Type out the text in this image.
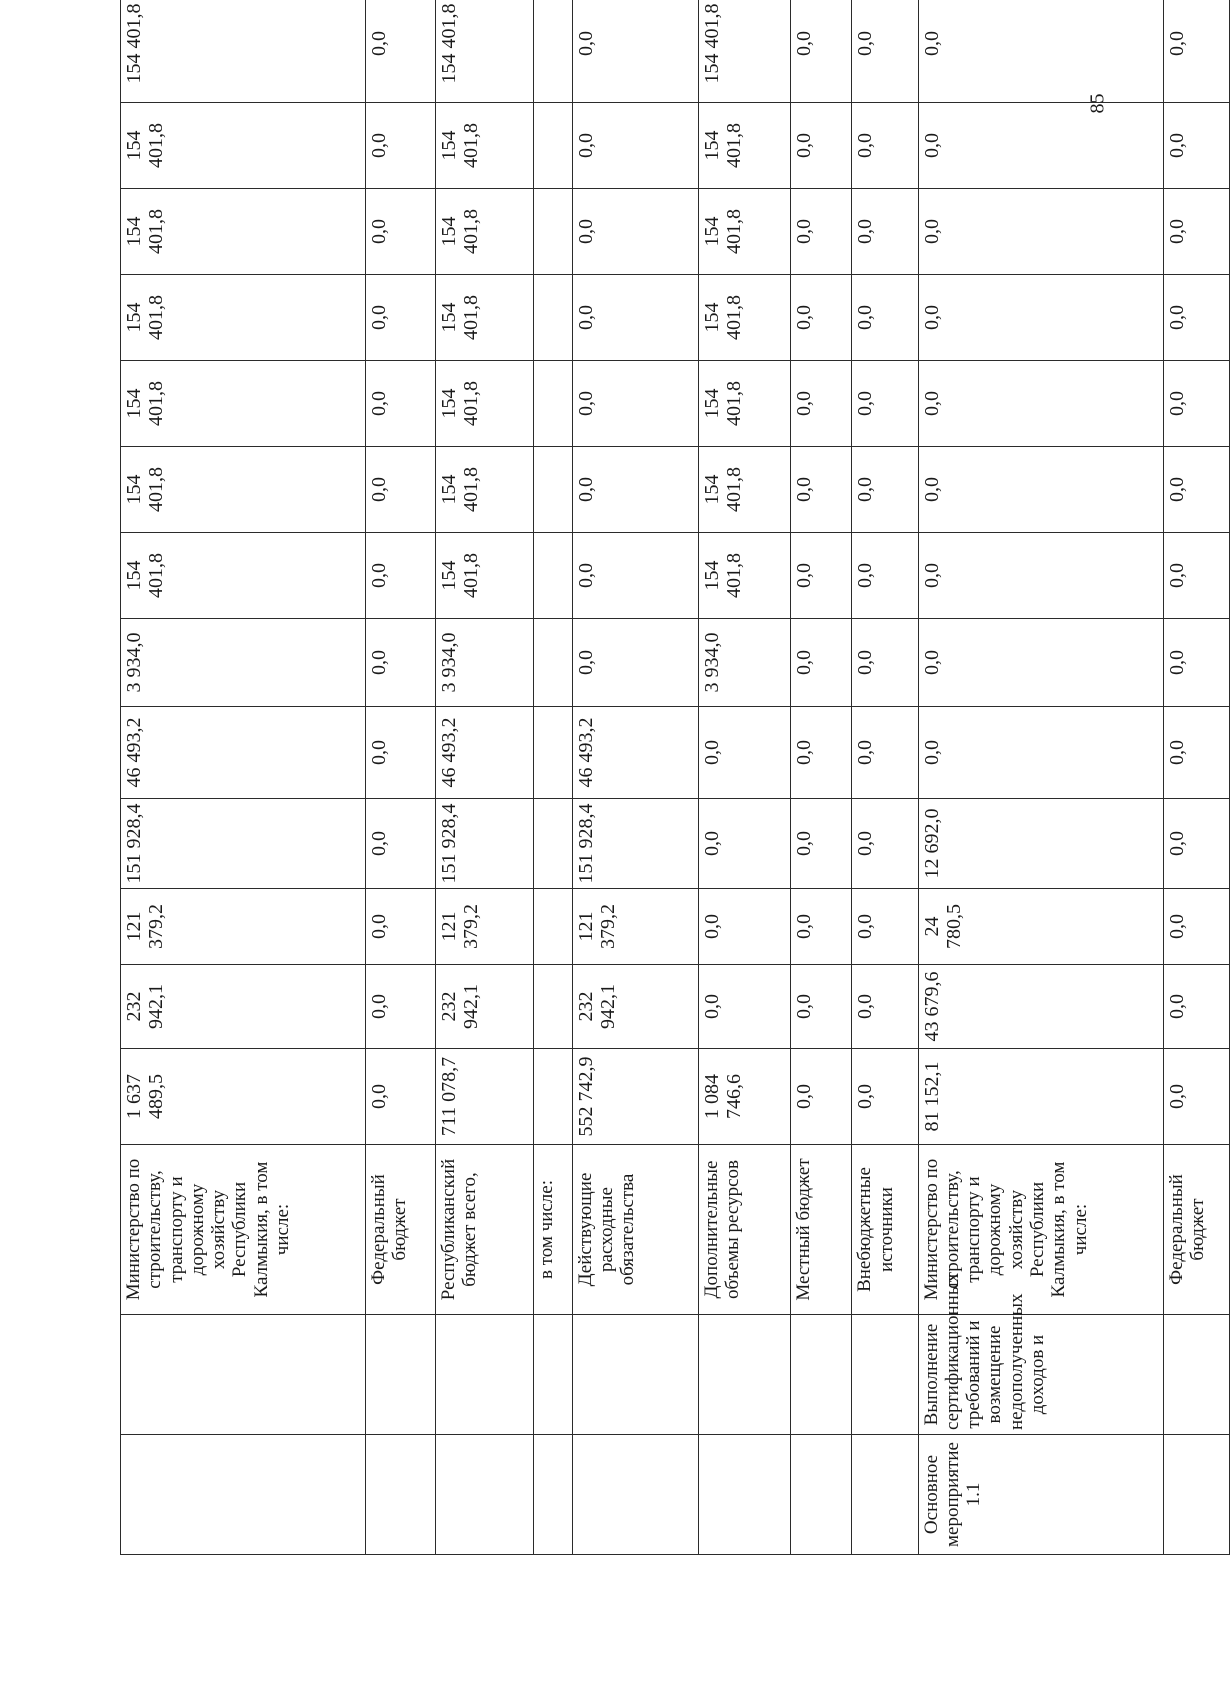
		Министерство по строительству, транспорту и дорожному хозяйству Республики Калмыкия, в том числе:	1 637 489,5	232 942,1	121 379,2	151 928,4	46 493,2	3 934,0	154 401,8	154 401,8	154 401,8	154 401,8	154 401,8	154 401,8	154 401,8
		Федеральный бюджет	0,0	0,0	0,0	0,0	0,0	0,0	0,0	0,0	0,0	0,0	0,0	0,0	0,0
		Республиканский бюджет всего,	711 078,7	232 942,1	121 379,2	151 928,4	46 493,2	3 934,0	154 401,8	154 401,8	154 401,8	154 401,8	154 401,8	154 401,8	154 401,8
		в том числе:													
		Действующие расходные обязательства	552 742,9	232 942,1	121 379,2	151 928,4	46 493,2	0,0	0,0	0,0	0,0	0,0	0,0	0,0	0,0
		Дополнительные объемы ресурсов	1 084 746,6	0,0	0,0	0,0	0,0	3 934,0	154 401,8	154 401,8	154 401,8	154 401,8	154 401,8	154 401,8	154 401,8
		Местный бюджет	0,0	0,0	0,0	0,0	0,0	0,0	0,0	0,0	0,0	0,0	0,0	0,0	0,0
		Внебюджетные источники	0,0	0,0	0,0	0,0	0,0	0,0	0,0	0,0	0,0	0,0	0,0	0,0	0,0
Основное мероприятие 1.1	Выполнение сертификационных требований и возмещение недополученных доходов и	Министерство по строительству, транспорту и дорожному хозяйству Республики Калмыкия, в том числе:	81 152,1	43 679,6	24 780,5	12 692,0	0,0	0,0	0,0	0,0	0,0	0,0	0,0	0,0	0,0
		Федеральный бюджет	0,0	0,0	0,0	0,0	0,0	0,0	0,0	0,0	0,0	0,0	0,0	0,0	0,0
85
